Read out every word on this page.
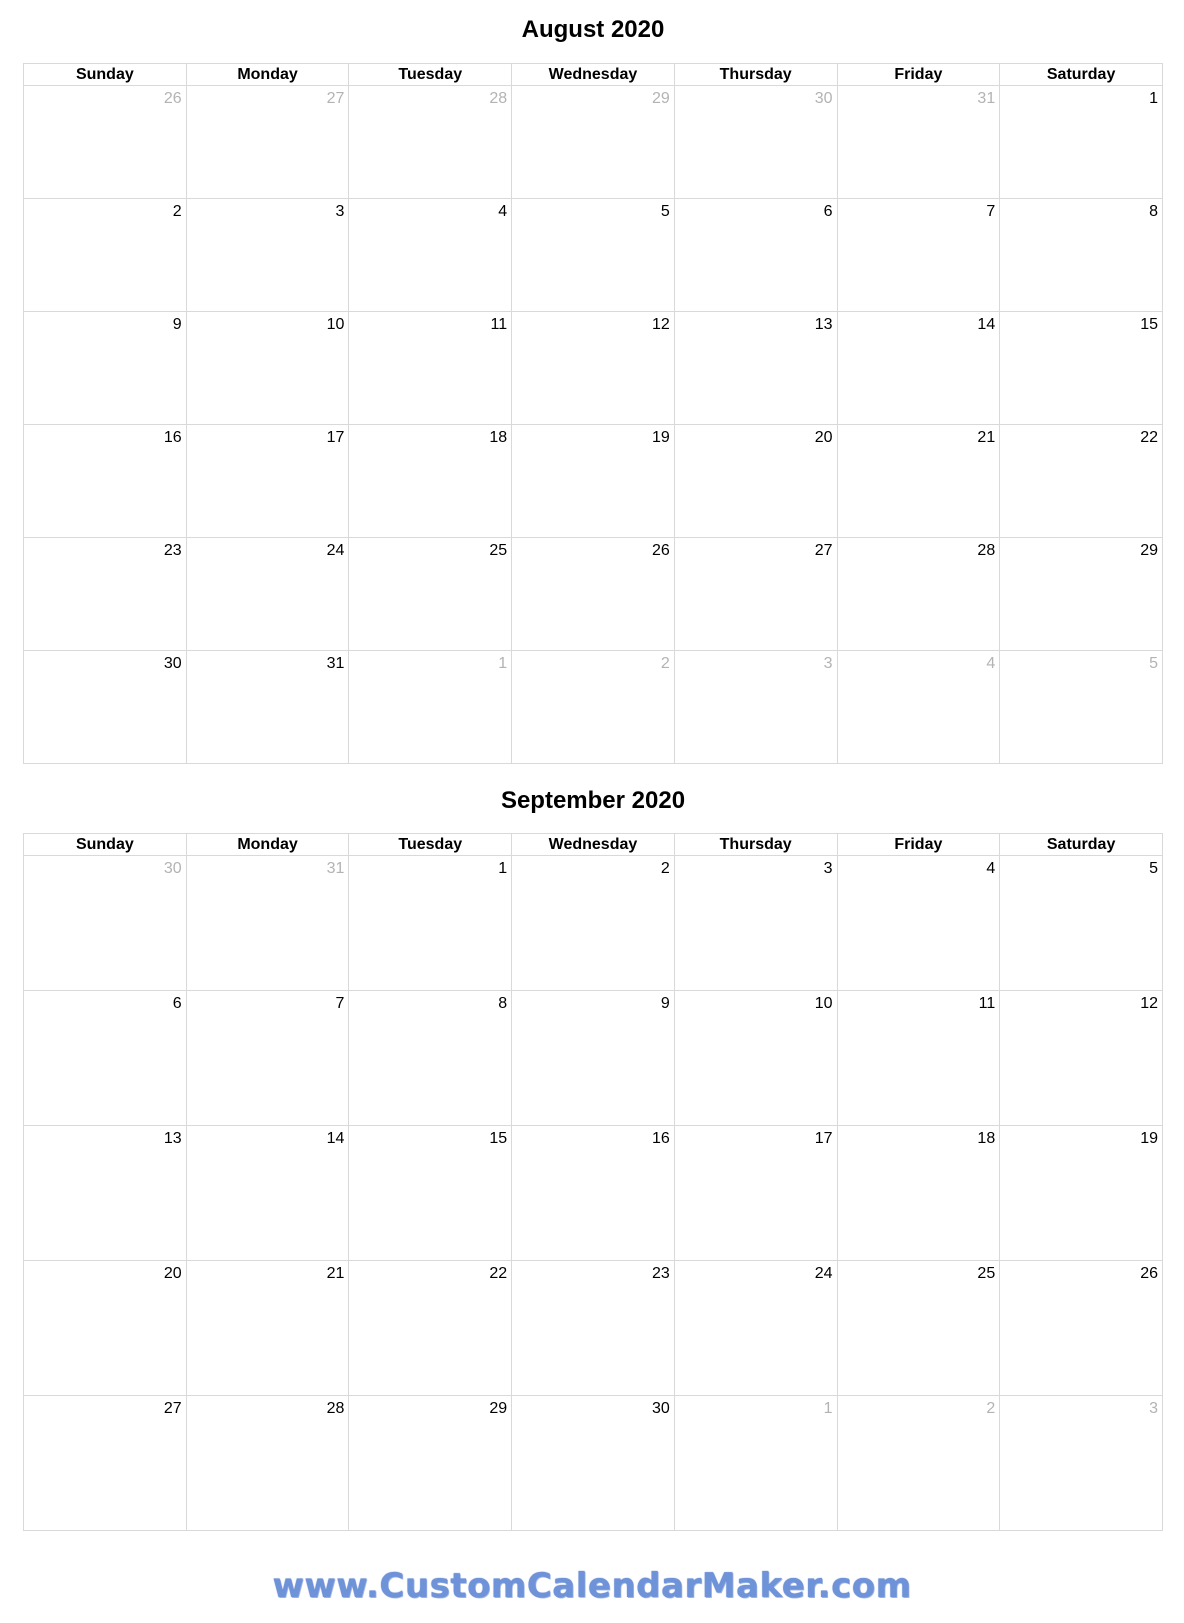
August 2020
Sunday	Monday	Tuesday	Wednesday	Thursday	Friday	Saturday

26	27	28	29	30	31	1

2	3	4	5	6	7	8

9	10	11	12	13	14	15

16	17	18	19	20	21	22

23	24	25	26	27	28	29

30	31	1	2	3	4	5
September 2020
Sunday	Monday	Tuesday	Wednesday	Thursday	Friday	Saturday

30	31	1	2	3	4	5

6	7	8	9	10	11	12

13	14	15	16	17	18	19

20	21	22	23	24	25	26

27	28	29	30	1	2	3
www.CustomCalendarMaker.com
